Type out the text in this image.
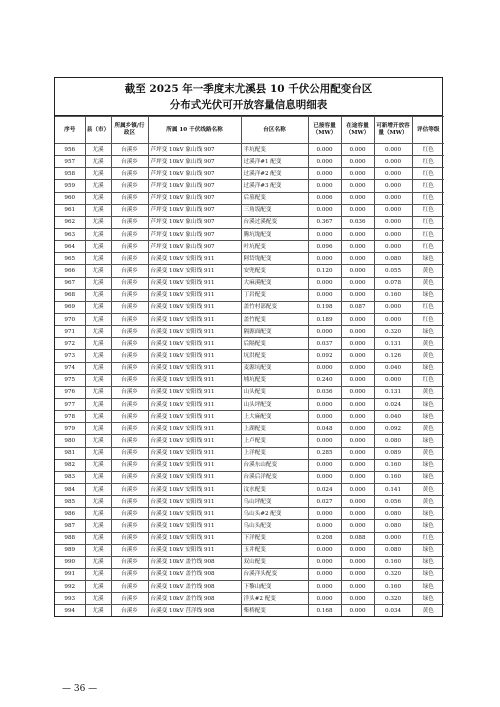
截至 2025 年一季度末尤溪县 10 千伏公用配变台区
分布式光伏可开放容量信息明细表
序号	县（市）	所属乡镇/行政区	所属 10 千伏线路名称	台区名称	已接容量（MW）	在途容量（MW）	可新增开放容量（MW）	评估等级
956	尤溪	台溪乡	芦坪变 10kV 象山线 907	半坑配变	0.000	0.000	0.000	红色
957	尤溪	台溪乡	芦坪变 10kV 象山线 907	过溪洋#1 配变	0.000	0.000	0.000	红色
958	尤溪	台溪乡	芦坪变 10kV 象山线 907	过溪洋#2 配变	0.000	0.000	0.000	红色
959	尤溪	台溪乡	芦坪变 10kV 象山线 907	过溪洋#3 配变	0.000	0.000	0.000	红色
960	尤溪	台溪乡	芦坪变 10kV 象山线 907	后墓配变	0.006	0.000	0.000	红色
961	尤溪	台溪乡	芦坪变 10kV 象山线 907	三角坂配变	0.000	0.000	0.000	红色
962	尤溪	台溪乡	芦坪变 10kV 象山线 907	台溪过溪配变	0.367	0.036	0.000	红色
963	尤溪	台溪乡	芦坪变 10kV 象山线 907	腾坑垅配变	0.000	0.000	0.000	红色
964	尤溪	台溪乡	芦坪变 10kV 象山线 907	叶坑配变	0.096	0.000	0.000	红色
965	尤溪	台溪乡	台溪变 10kV 安阳线 911	阿岱垅配变	0.000	0.000	0.080	绿色
966	尤溪	台溪乡	台溪变 10kV 安阳线 911	安兜配变	0.120	0.000	0.055	黄色
967	尤溪	台溪乡	台溪变 10kV 安阳线 911	大麻溪配变	0.000	0.000	0.078	黄色
968	尤溪	台溪乡	台溪变 10kV 安阳线 911	丁岩配变	0.000	0.000	0.160	绿色
969	尤溪	台溪乡	台溪变 10kV 安阳线 911	盖竹村部配变	0.198	0.087	0.000	红色
970	尤溪	台溪乡	台溪变 10kV 安阳线 911	盖竹配变	0.189	0.000	0.000	红色
971	尤溪	台溪乡	台溪变 10kV 安阳线 911	隔源面配变	0.000	0.000	0.320	绿色
972	尤溪	台溪乡	台溪变 10kV 安阳线 911	后隔配变	0.037	0.000	0.131	黄色
973	尤溪	台溪乡	台溪变 10kV 安阳线 911	坑洪配变	0.092	0.000	0.126	黄色
974	尤溪	台溪乡	台溪变 10kV 安阳线 911	麦源坑配变	0.000	0.000	0.040	绿色
975	尤溪	台溪乡	台溪变 10kV 安阳线 911	埔坑配变	0.240	0.000	0.000	红色
976	尤溪	台溪乡	台溪变 10kV 安阳线 911	山头配变	0.036	0.000	0.131	黄色
977	尤溪	台溪乡	台溪变 10kV 安阳线 911	山头坪配变	0.000	0.000	0.024	绿色
978	尤溪	台溪乡	台溪变 10kV 安阳线 911	上大麻配变	0.000	0.000	0.040	绿色
979	尤溪	台溪乡	台溪变 10kV 安阳线 911	上湖配变	0.048	0.000	0.092	黄色
980	尤溪	台溪乡	台溪变 10kV 安阳线 911	上卢配变	0.000	0.000	0.080	绿色
981	尤溪	台溪乡	台溪变 10kV 安阳线 911	上洋配变	0.285	0.000	0.089	黄色
982	尤溪	台溪乡	台溪变 10kV 安阳线 911	台溪东山配变	0.000	0.000	0.160	绿色
983	尤溪	台溪乡	台溪变 10kV 安阳线 911	台溪后洋配变	0.000	0.000	0.160	绿色
984	尤溪	台溪乡	台溪变 10kV 安阳线 911	汶水配变	0.024	0.000	0.141	黄色
985	尤溪	台溪乡	台溪变 10kV 安阳线 911	乌山坪配变	0.027	0.000	0.056	黄色
986	尤溪	台溪乡	台溪变 10kV 安阳线 911	乌山头#2 配变	0.000	0.000	0.080	绿色
987	尤溪	台溪乡	台溪变 10kV 安阳线 911	乌山头配变	0.000	0.000	0.080	绿色
988	尤溪	台溪乡	台溪变 10kV 安阳线 911	下洋配变	0.208	0.088	0.000	红色
989	尤溪	台溪乡	台溪变 10kV 安阳线 911	玉井配变	0.000	0.000	0.080	绿色
990	尤溪	台溪乡	台溪变 10kV 盖竹线 908	双山配变	0.000	0.000	0.160	绿色
991	尤溪	台溪乡	台溪变 10kV 盖竹线 908	台溪洋头配变	0.000	0.000	0.320	绿色
992	尤溪	台溪乡	台溪变 10kV 盖竹线 908	下黎山配变	0.000	0.000	0.160	绿色
993	尤溪	台溪乡	台溪变 10kV 盖竹线 908	洋头#2 配变	0.000	0.000	0.320	绿色
994	尤溪	台溪乡	台溪变 10kV 莒洋线 908	柴桥配变	0.168	0.000	0.034	黄色
— 36 —
